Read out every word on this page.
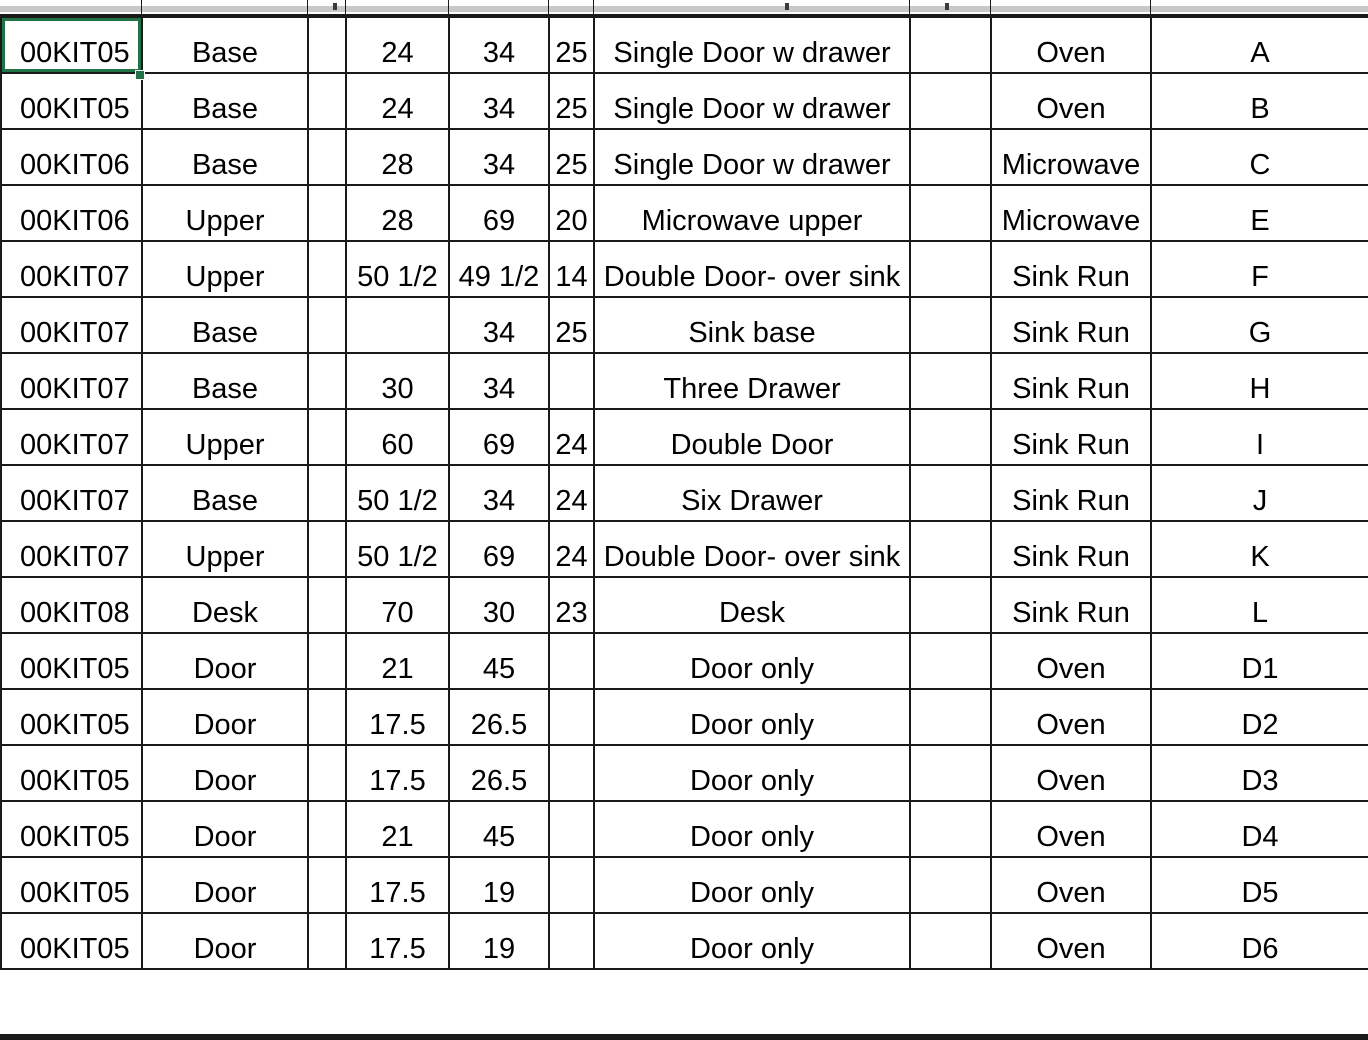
00KIT05	Base		24	34	25	Single Door w drawer		Oven	A
00KIT05	Base		24	34	25	Single Door w drawer		Oven	B
00KIT06	Base		28	34	25	Single Door w drawer		Microwave	C
00KIT06	Upper		28	69	20	Microwave upper		Microwave	E
00KIT07	Upper		50 1/2	49 1/2	14	Double Door- over sink		Sink Run	F
00KIT07	Base			34	25	Sink base		Sink Run	G
00KIT07	Base		30	34		Three Drawer		Sink Run	H
00KIT07	Upper		60	69	24	Double Door		Sink Run	I
00KIT07	Base		50 1/2	34	24	Six Drawer		Sink Run	J
00KIT07	Upper		50 1/2	69	24	Double Door- over sink		Sink Run	K
00KIT08	Desk		70	30	23	Desk		Sink Run	L
00KIT05	Door		21	45		Door only		Oven	D1
00KIT05	Door		17.5	26.5		Door only		Oven	D2
00KIT05	Door		17.5	26.5		Door only		Oven	D3
00KIT05	Door		21	45		Door only		Oven	D4
00KIT05	Door		17.5	19		Door only		Oven	D5
00KIT05	Door		17.5	19		Door only		Oven	D6
